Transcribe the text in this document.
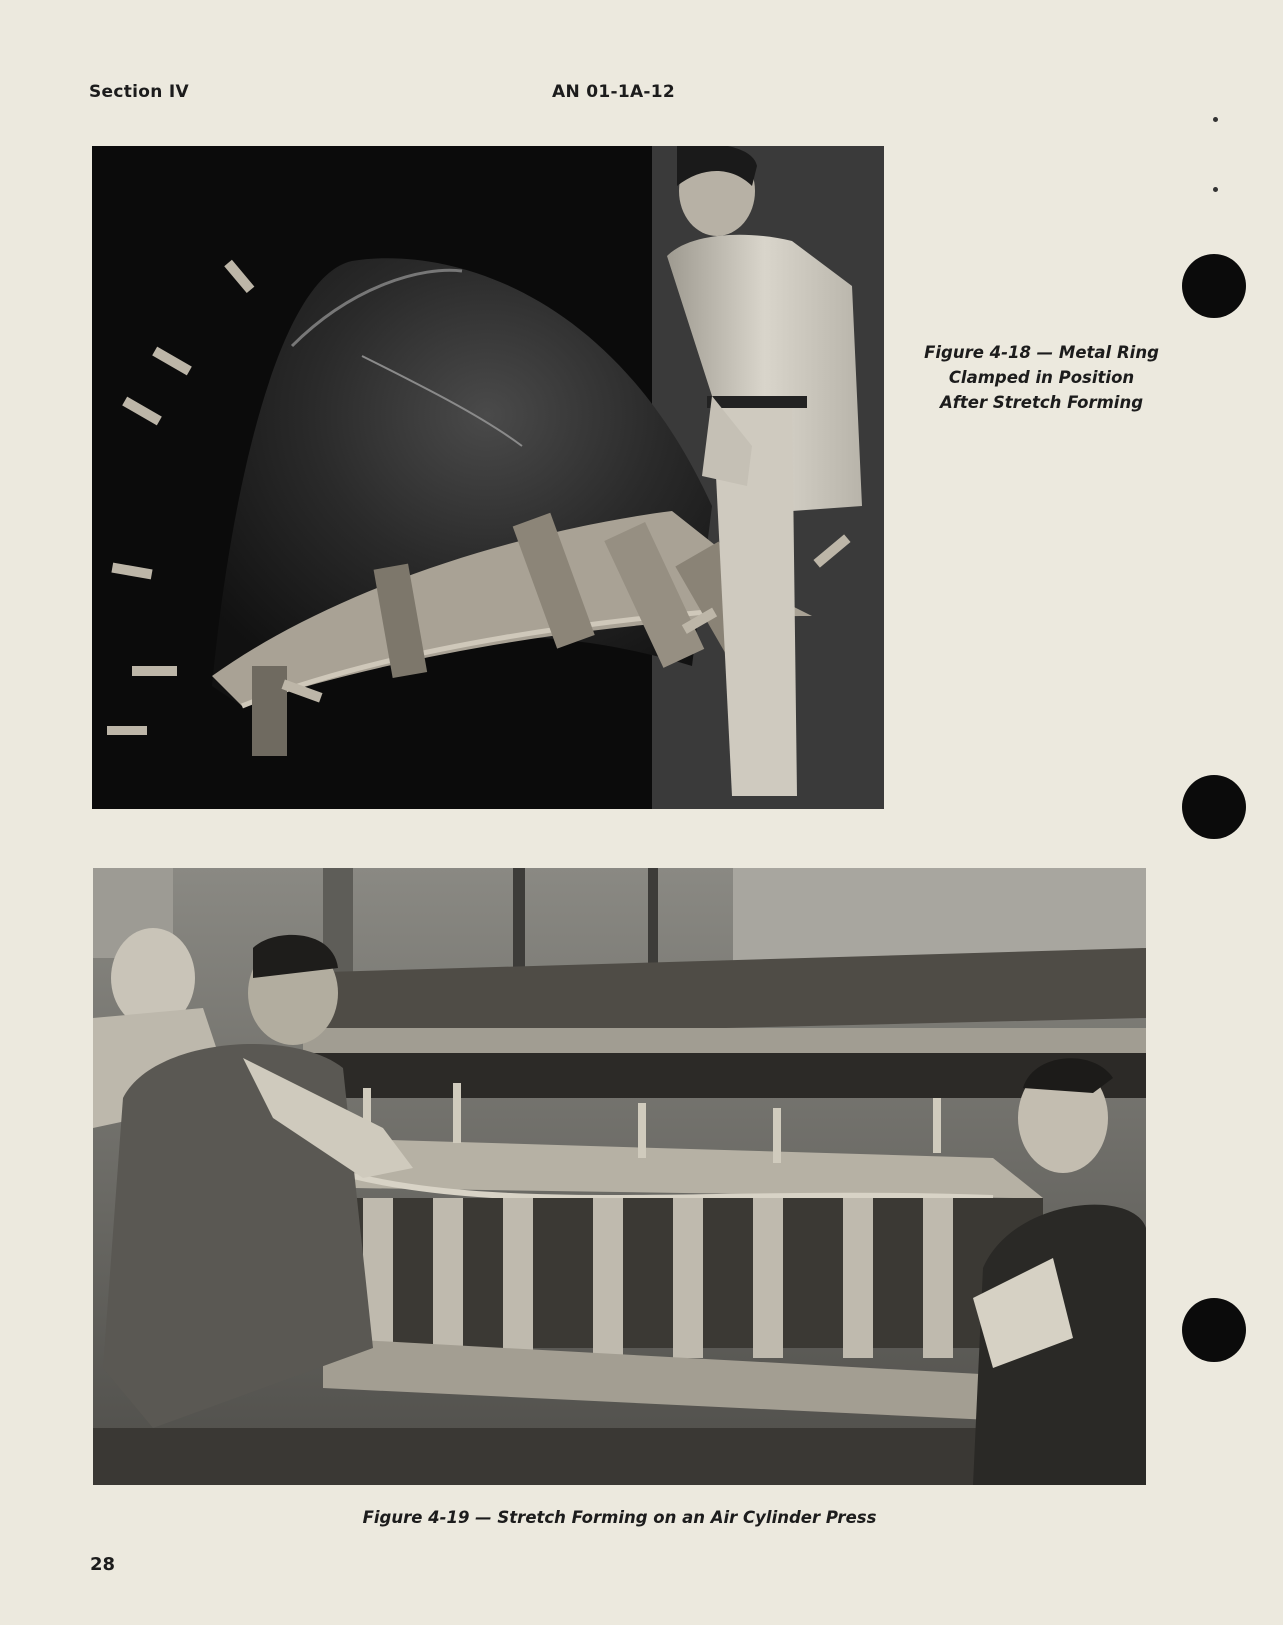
Section IV	AN 01-1A-12
Figure 4-18 — Metal Ring Clamped in Position After Stretch Forming
Figure 4-19 — Stretch Forming on an Air Cylinder Press
28
